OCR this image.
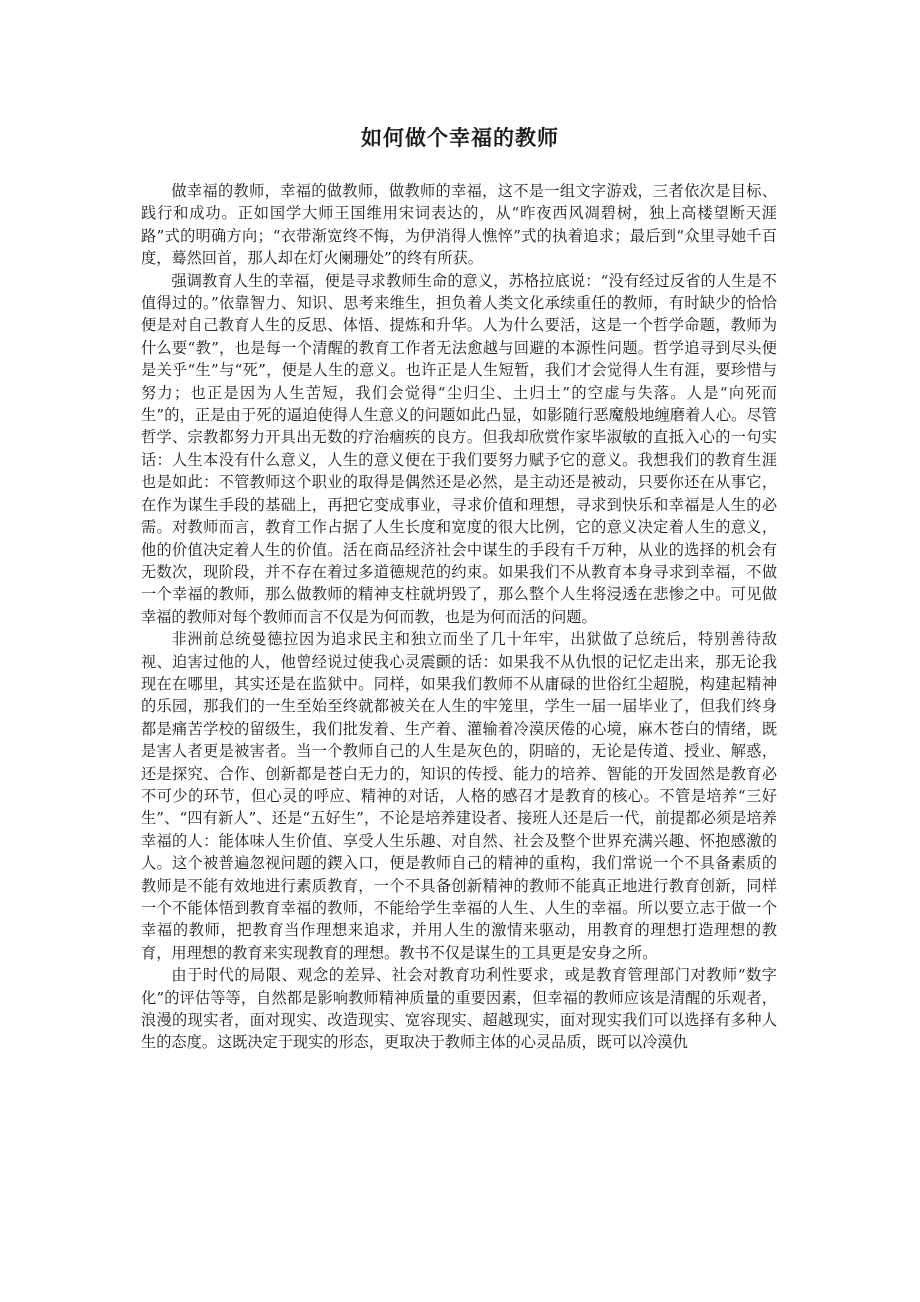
如何做个幸福的教师

做幸福的教师，幸福的做教师，做教师的幸福，这不是一组文字游戏，三者依次是目标、践行和成功。正如国学大师王国维用宋词表达的，从“昨夜西风凋碧树，独上高楼望断天涯路”式的明确方向；“衣带渐宽终不悔，为伊消得人憔悴”式的执着追求；最后到“众里寻她千百度，蓦然回首，那人却在灯火阑珊处”的终有所获。

强调教育人生的幸福，便是寻求教师生命的意义，苏格拉底说：“没有经过反省的人生是不值得过的。”依靠智力、知识、思考来维生，担负着人类文化承续重任的教师，有时缺少的恰恰便是对自己教育人生的反思、体悟、提炼和升华。人为什么要活，这是一个哲学命题，教师为什么要“教”，也是每一个清醒的教育工作者无法愈越与回避的本源性问题。哲学追寻到尽头便是关乎“生”与“死”，便是人生的意义。也许正是人生短暂，我们才会觉得人生有涯，要珍惜与努力；也正是因为人生苦短，我们会觉得“尘归尘、土归土”的空虚与失落。人是“向死而生”的，正是由于死的逼迫使得人生意义的问题如此凸显，如影随行恶魔般地缠磨着人心。尽管哲学、宗教都努力开具出无数的疗治痼疾的良方。但我却欣赏作家毕淑敏的直抵入心的一句实话：人生本没有什么意义，人生的意义便在于我们要努力赋予它的意义。我想我们的教育生涯也是如此：不管教师这个职业的取得是偶然还是必然，是主动还是被动，只要你还在从事它，在作为谋生手段的基础上，再把它变成事业，寻求价值和理想，寻求到快乐和幸福是人生的必需。对教师而言，教育工作占据了人生长度和宽度的很大比例，它的意义决定着人生的意义，他的价值决定着人生的价值。活在商品经济社会中谋生的手段有千万种，从业的选择的机会有无数次，现阶段，并不存在着过多道德规范的约束。如果我们不从教育本身寻求到幸福，不做一个幸福的教师，那么做教师的精神支柱就坍毁了，那么整个人生将浸透在悲惨之中。可见做幸福的教师对每个教师而言不仅是为何而教，也是为何而活的问题。

非洲前总统曼德拉因为追求民主和独立而坐了几十年牢，出狱做了总统后，特别善待敌视、迫害过他的人，他曾经说过使我心灵震颤的话：如果我不从仇恨的记忆走出来，那无论我现在在哪里，其实还是在监狱中。同样，如果我们教师不从庸碌的世俗红尘超脱，构建起精神的乐园，那我们的一生至始至终就都被关在人生的牢笼里，学生一届一届毕业了，但我们终身都是痛苦学校的留级生，我们批发着、生产着、灌输着冷漠厌倦的心境，麻木苍白的情绪，既是害人者更是被害者。当一个教师自己的人生是灰色的，阴暗的，无论是传道、授业、解惑，还是探究、合作、创新都是苍白无力的，知识的传授、能力的培养、智能的开发固然是教育必不可少的环节，但心灵的呼应、精神的对话，人格的感召才是教育的核心。不管是培养“三好生”、“四有新人”、还是“五好生”，不论是培养建设者、接班人还是后一代，前提都必须是培养幸福的人：能体味人生价值、享受人生乐趣、对自然、社会及整个世界充满兴趣、怀抱感激的人。这个被普遍忽视问题的鍥入口，便是教师自己的精神的重构，我们常说一个不具备素质的教师是不能有效地进行素质教育，一个不具备创新精神的教师不能真正地进行教育创新，同样一个不能体悟到教育幸福的教师，不能给学生幸福的人生、人生的幸福。所以要立志于做一个幸福的教师，把教育当作理想来追求，并用人生的激情来驱动，用教育的理想打造理想的教育，用理想的教育来实现教育的理想。教书不仅是谋生的工具更是安身之所。

由于时代的局限、观念的差异、社会对教育功利性要求，或是教育管理部门对教师“数字化”的评估等等，自然都是影响教师精神质量的重要因素，但幸福的教师应该是清醒的乐观者，浪漫的现实者，面对现实、改造现实、宽容现实、超越现实，面对现实我们可以选择有多种人生的态度。这既决定于现实的形态，更取决于教师主体的心灵品质，既可以冷漠仇
